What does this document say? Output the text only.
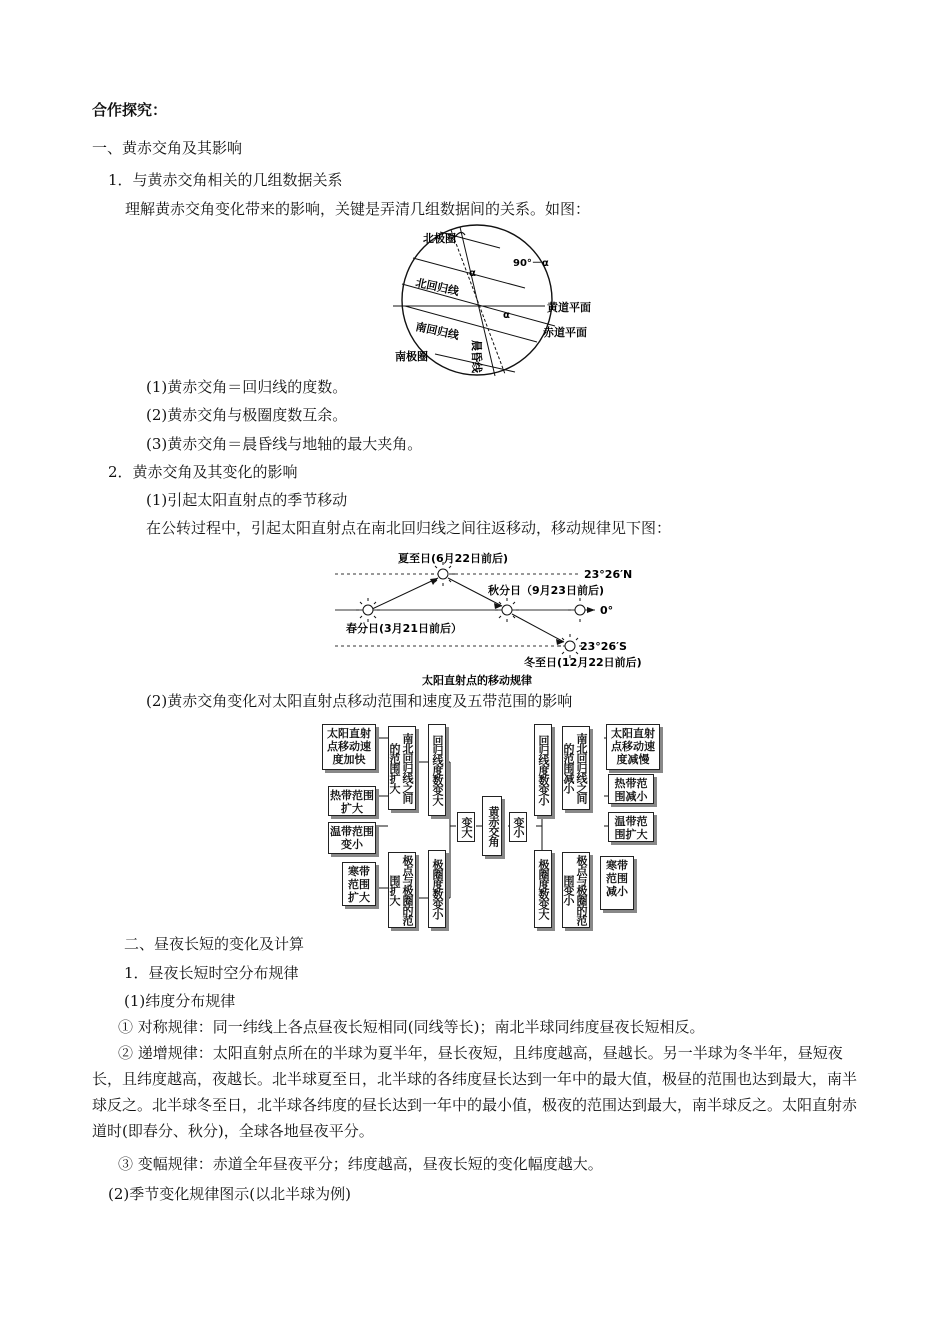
合作探究：
一、黄赤交角及其影响
1．与黄赤交角相关的几组数据关系
理解黄赤交角变化带来的影响，关键是弄清几组数据间的关系。如图：
北极圈
90°－α
α
α
北回归线
南回归线
黄道平面
赤道平面
南极圈	晨昏线
(1)黄赤交角＝回归线的度数。
(2)黄赤交角与极圈度数互余。
(3)黄赤交角＝晨昏线与地轴的最大夹角。
2．黄赤交角及其变化的影响
(1)引起太阳直射点的季节移动
在公转过程中，引起太阳直射点在南北回归线之间往返移动，移动规律见下图：
夏至日(6月22日前后)
23°26′N
秋分日（9月23日前后)
0°
春分日(3月21日前后）
23°26′S
冬至日(12月22日前后)
太阳直射点的移动规律
(2)黄赤交角变化对太阳直射点移动范围和速度及五带范围的影响
黄赤交角
变大	变小
回归线度数变大
极圈度数变小
南北回归线之间的范围扩大
极点与极圈的范围扩大
太阳直射点移动速度加快
热带范围扩大
温带范围变小
寒带范围扩大
回归线度数变小
极圈度数变大
南北回归线之间的范围减小
极点与极圈的范围变小
太阳直射点移动速度减慢
热带范围减小
温带范围扩大
寒带范围减小
二、昼夜长短的变化及计算
1．昼夜长短时空分布规律
(1)纬度分布规律
① 对称规律：同一纬线上各点昼夜长短相同(同线等长)；南北半球同纬度昼夜长短相反。
② 递增规律：太阳直射点所在的半球为夏半年，昼长夜短，且纬度越高，昼越长。另一半球为冬半年，昼短夜长，且纬度越高，夜越长。北半球夏至日，北半球的各纬度昼长达到一年中的最大值，极昼的范围也达到最大，南半球反之。北半球冬至日，北半球各纬度的昼长达到一年中的最小值，极夜的范围达到最大，南半球反之。太阳直射赤道时(即春分、秋分)，全球各地昼夜平分。
③ 变幅规律：赤道全年昼夜平分；纬度越高，昼夜长短的变化幅度越大。
(2)季节变化规律图示(以北半球为例)
